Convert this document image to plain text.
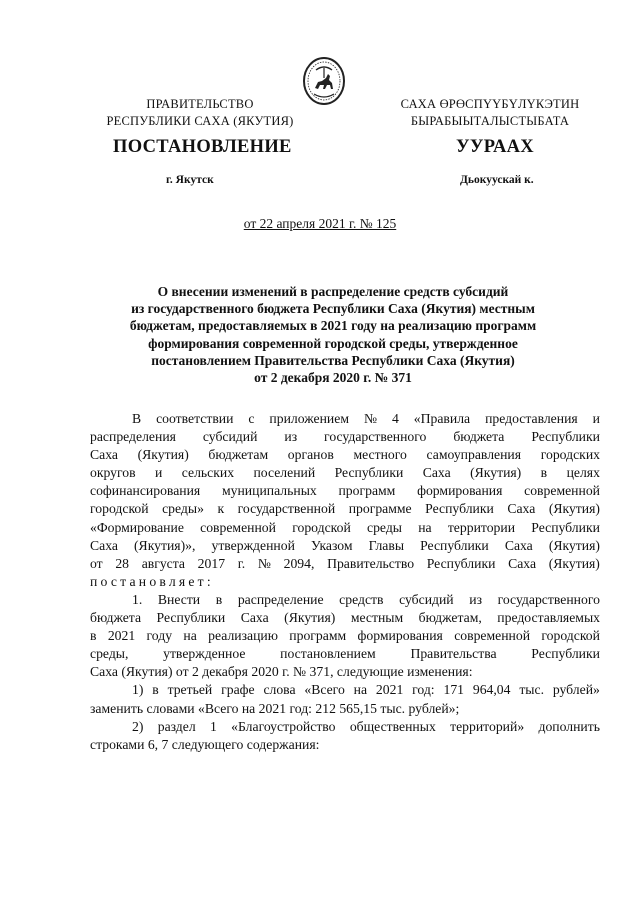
ПРАВИТЕЛЬСТВО
РЕСПУБЛИКИ САХА (ЯКУТИЯ)
САХА ӨРӨСПҮҮБҮЛҮКЭТИН
БЫРАБЫЫТАЛЫСТЫБАТА
ПОСТАНОВЛЕНИЕ	УУРААХ
г. Якутск	Дьокуускай к.
от 22 апреля 2021 г. № 125
О внесении изменений в распределение средств субсидий
из государственного бюджета Республики Саха (Якутия) местным
бюджетам, предоставляемых в 2021 году на реализацию программ
формирования современной городской среды, утвержденное
постановлением Правительства Республики Саха (Якутия)
от 2 декабря 2020 г. № 371
В соответствии с приложением № 4 «Правила предоставления и
распределения субсидий из государственного бюджета Республики
Саха (Якутия) бюджетам органов местного самоуправления городских
округов и сельских поселений Республики Саха (Якутия) в целях
софинансирования муниципальных программ формирования современной
городской среды» к государственной программе Республики Саха (Якутия)
«Формирование современной городской среды на территории Республики
Саха (Якутия)», утвержденной Указом Главы Республики Саха (Якутия)
от 28 августа 2017 г. № 2094, Правительство Республики Саха (Якутия)
постановляет:
1. Внести в распределение средств субсидий из государственного
бюджета Республики Саха (Якутия) местным бюджетам, предоставляемых
в 2021 году на реализацию программ формирования современной городской
среды,	утвержденное	постановлением	Правительства	Республики
Саха (Якутия) от 2 декабря 2020 г. № 371, следующие изменения:
1) в третьей графе слова «Всего на 2021 год: 171 964,04 тыс. рублей»
заменить словами «Всего на 2021 год: 212 565,15 тыс. рублей»;
2) раздел 1 «Благоустройство общественных территорий» дополнить
строками 6, 7 следующего содержания:
